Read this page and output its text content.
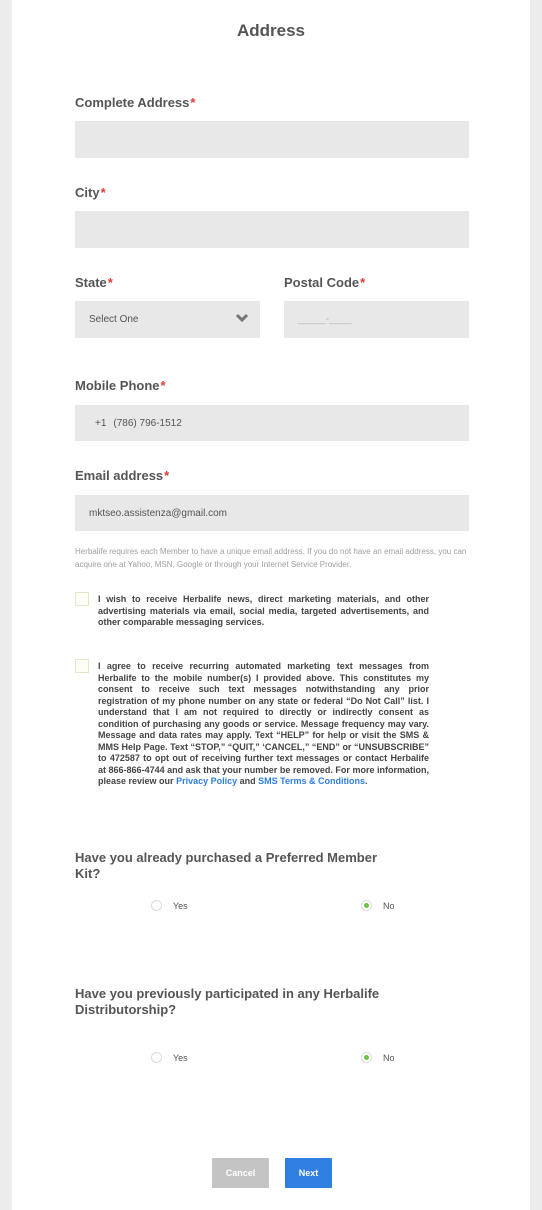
Address
Complete Address*
City*
State*
Select One
Postal Code*
_____-____
Mobile Phone*
+1 (786) 796-1512
Email address*
mktseo.assistenza@gmail.com
Herbalife requires each Member to have a unique email address. If you do not have an email address, you can acquire one at Yahoo, MSN, Google or through your Internet Service Provider.
I wish to receive Herbalife news, direct marketing materials, and other advertising materials via email, social media, targeted advertisements, and other comparable messaging services.
I agree to receive recurring automated marketing text messages from Herbalife to the mobile number(s) I provided above. This constitutes my consent to receive such text messages notwithstanding any prior registration of my phone number on any state or federal “Do Not Call” list. I understand that I am not required to directly or indirectly consent as condition of purchasing any goods or service. Message frequency may vary. Message and data rates may apply. Text “HELP” for help or visit the SMS & MMS Help Page. Text “STOP,” “QUIT,” ‘CANCEL,” “END” or “UNSUBSCRIBE” to 472587 to opt out of receiving further text messages or contact Herbalife at 866-866-4744 and ask that your number be removed. For more information, please review our Privacy Policy and SMS Terms & Conditions.
Have you already purchased a Preferred Member Kit?
Yes	No
Have you previously participated in any Herbalife Distributorship?
Yes	No
Cancel	Next
